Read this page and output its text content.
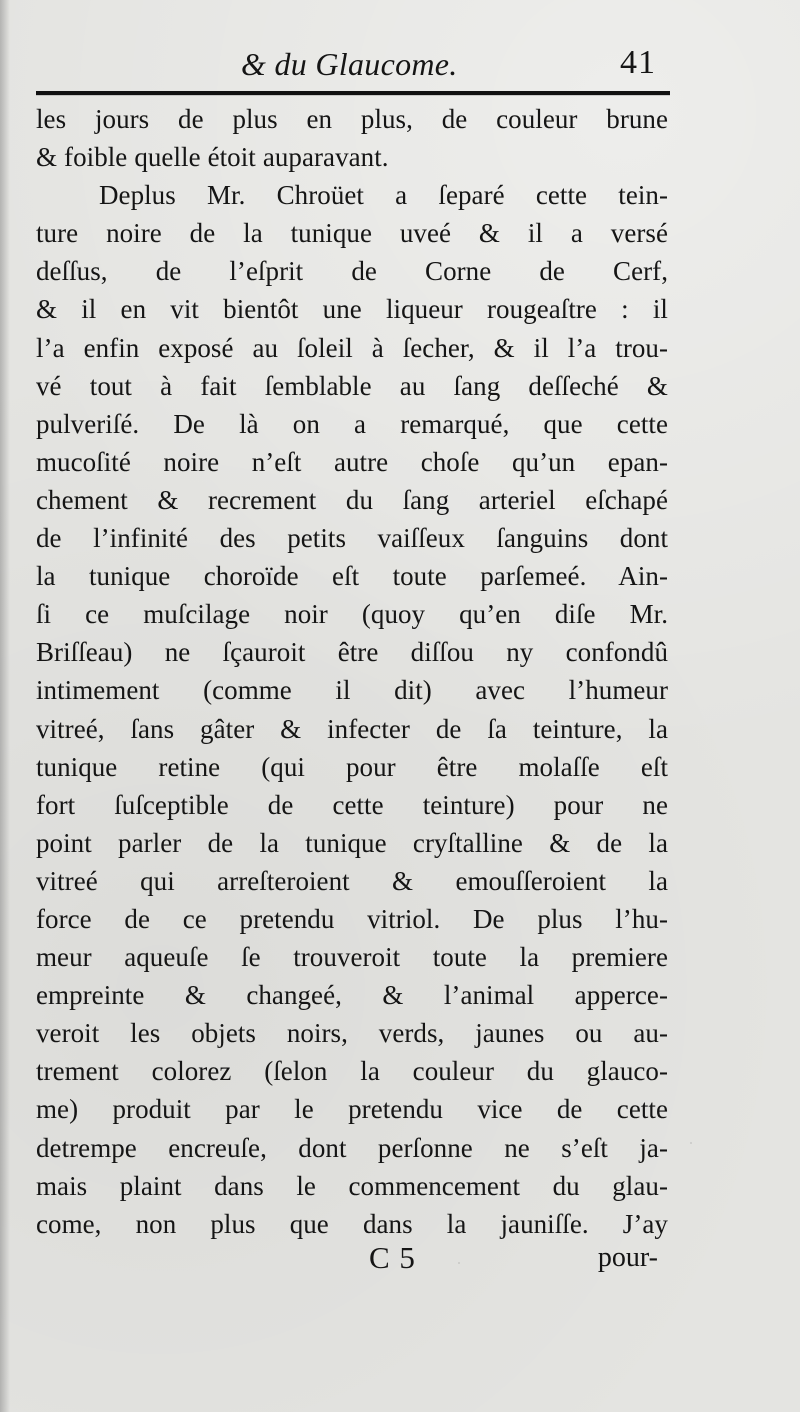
& du Glaucome.	41
les jours de plus en plus, de couleur brune
& foible quelle étoit auparavant.
Deplus Mr. Chroüet a ſeparé cette tein-
ture noire de la tunique uveé & il a versé
deſſus, de l’eſprit de Corne de Cerf,
& il en vit bientôt une liqueur rougeaſtre : il
l’a enfin exposé au ſoleil à ſecher, & il l’a trou-
vé tout à fait ſemblable au ſang deſſeché &
pulveriſé. De là on a remarqué, que cette
mucoſité noire n’eſt autre choſe qu’un epan-
chement & recrement du ſang arteriel eſchapé
de l’infinité des petits vaiſſeux ſanguins dont
la tunique choroïde eſt toute parſemeé. Ain-
ſi ce muſcilage noir (quoy qu’en diſe Mr.
Briſſeau) ne ſçauroit être diſſou ny confondû
intimement (comme il dit) avec l’humeur
vitreé, ſans gâter & infecter de ſa teinture, la
tunique retine (qui pour être molaſſe eſt
fort ſuſceptible de cette teinture) pour ne
point parler de la tunique cryſtalline & de la
vitreé qui arreſteroient & emouſſeroient la
force de ce pretendu vitriol. De plus l’hu-
meur aqueuſe ſe trouveroit toute la premiere
empreinte & changeé, & l’animal apperce-
veroit les objets noirs, verds, jaunes ou au-
trement colorez (ſelon la couleur du glauco-
me) produit par le pretendu vice de cette
detrempe encreuſe, dont perſonne ne s’eſt ja-
mais plaint dans le commencement du glau-
come, non plus que dans la jauniſſe. J’ay
C 5	pour-
